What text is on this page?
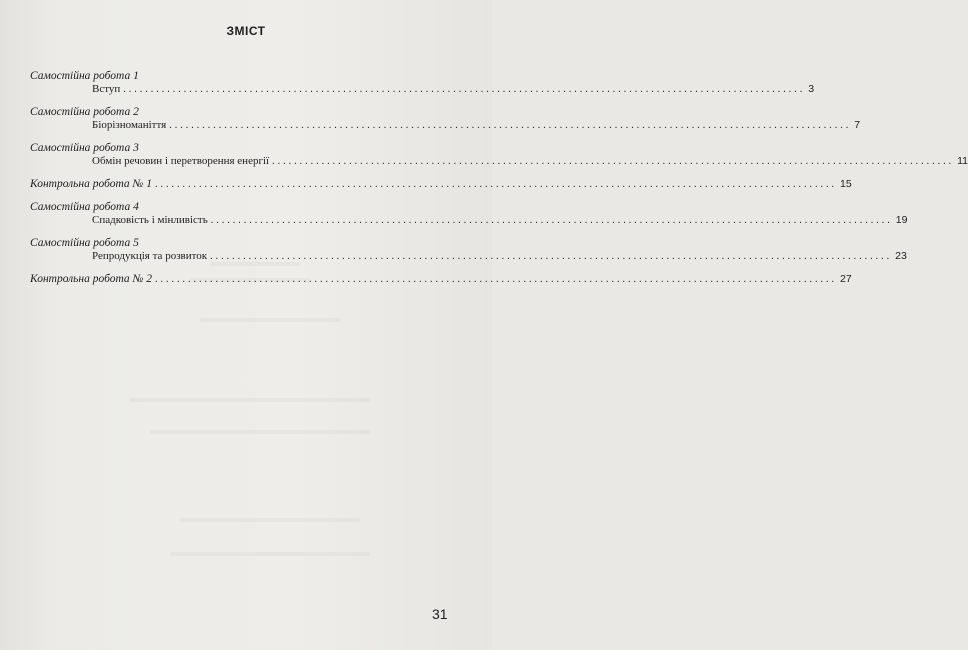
ЗМІСТ
Самостійна робота 1
Вступ ............................................................................................................................ 3
Самостійна робота 2
Біорізноманіття ............................................................................................................................ 7
Самостійна робота 3
Обмін речовин і перетворення енергії ............................................................................................................................ 11
Контрольна робота № 1 ............................................................................................................................ 15
Самостійна робота 4
Спадковість і мінливість ............................................................................................................................ 19
Самостійна робота 5
Репродукція та розвиток ............................................................................................................................ 23
Контрольна робота № 2 ............................................................................................................................ 27

31
